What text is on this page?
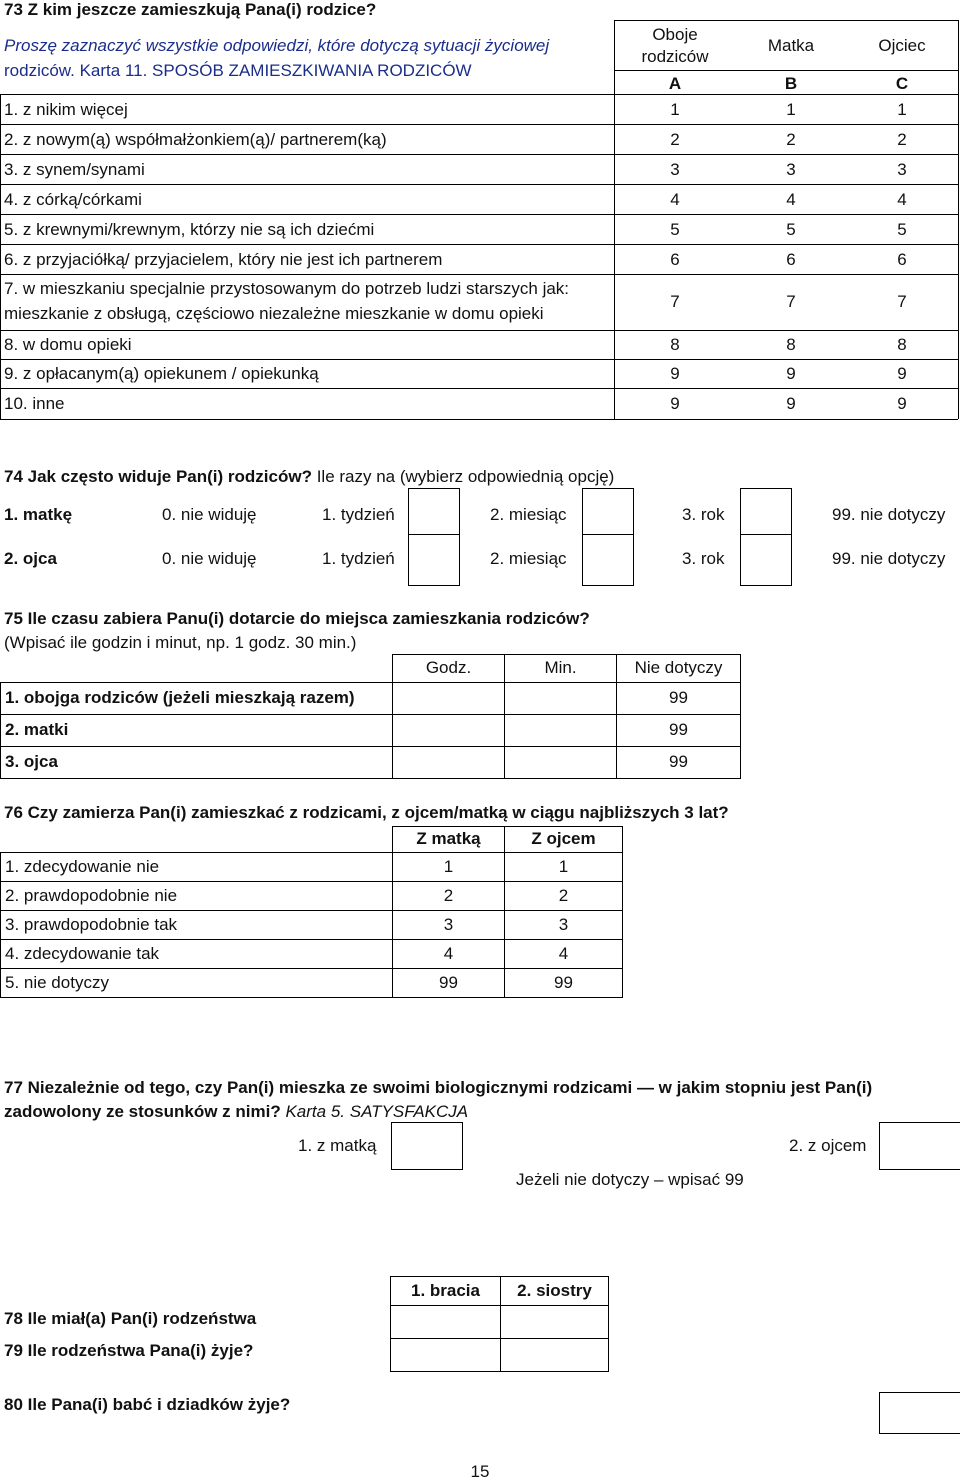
73 Z kim jeszcze zamieszkują Pana(i) rodzice?
Proszę zaznaczyć wszystkie odpowiedzi, które dotyczą sytuacji życiowej
rodziców. Karta 11. SPOSÓB ZAMIESZKIWANIA RODZICÓW
Oboje
rodziców
Matka	Ojciec
A	B	C
1. z nikim więcej	1	1	1
2. z nowym(ą) współmałżonkiem(ą)/ partnerem(ką)	2	2	2
3. z synem/synami	3	3	3
4. z córką/córkami	4	4	4
5. z krewnymi/krewnym, którzy nie są ich dziećmi	5	5	5
6. z przyjaciółką/ przyjacielem, który nie jest ich partnerem	6	6	6
7. w mieszkaniu specjalnie przystosowanym do potrzeb ludzi starszych jak:
mieszkanie z obsługą, częściowo niezależne mieszkanie w domu opieki
7	7	7
8. w domu opieki	8	8	8
9. z opłacanym(ą) opiekunem / opiekunką	9	9	9
10. inne	9	9	9
74 Jak często widuje Pan(i) rodziców? Ile razy na (wybierz odpowiednią opcję)
1. matkę	0. nie widuję	1. tydzień	2. miesiąc	3. rok	99. nie dotyczy
2. ojca	0. nie widuję	1. tydzień	2. miesiąc	3. rok	99. nie dotyczy
75 Ile czasu zabiera Panu(i) dotarcie do miejsca zamieszkania rodziców?
(Wpisać ile godzin i minut, np. 1 godz. 30 min.)
	Godz.	Min.	Nie dotyczy
1. obojga rodziców (jeżeli mieszkają razem)			99
2. matki			99
3. ojca			99
76 Czy zamierza Pan(i) zamieszkać z rodzicami, z ojcem/matką w ciągu najbliższych 3 lat?
	Z matką	Z ojcem
1. zdecydowanie nie	1	1
2. prawdopodobnie nie	2	2
3. prawdopodobnie tak	3	3
4. zdecydowanie tak	4	4
5. nie dotyczy	99	99
77 Niezależnie od tego, czy Pan(i) mieszka ze swoimi biologicznymi rodzicami — w jakim stopniu jest Pan(i)
zadowolony ze stosunków z nimi? Karta 5. SATYSFAKCJA
1. z matką	2. z ojcem
Jeżeli nie dotyczy – wpisać 99
1. bracia	2. siostry

78 Ile miał(a) Pan(i) rodzeństwa
79 Ile rodzeństwa Pana(i) żyje?
80 Ile Pana(i) babć i dziadków żyje?
15
